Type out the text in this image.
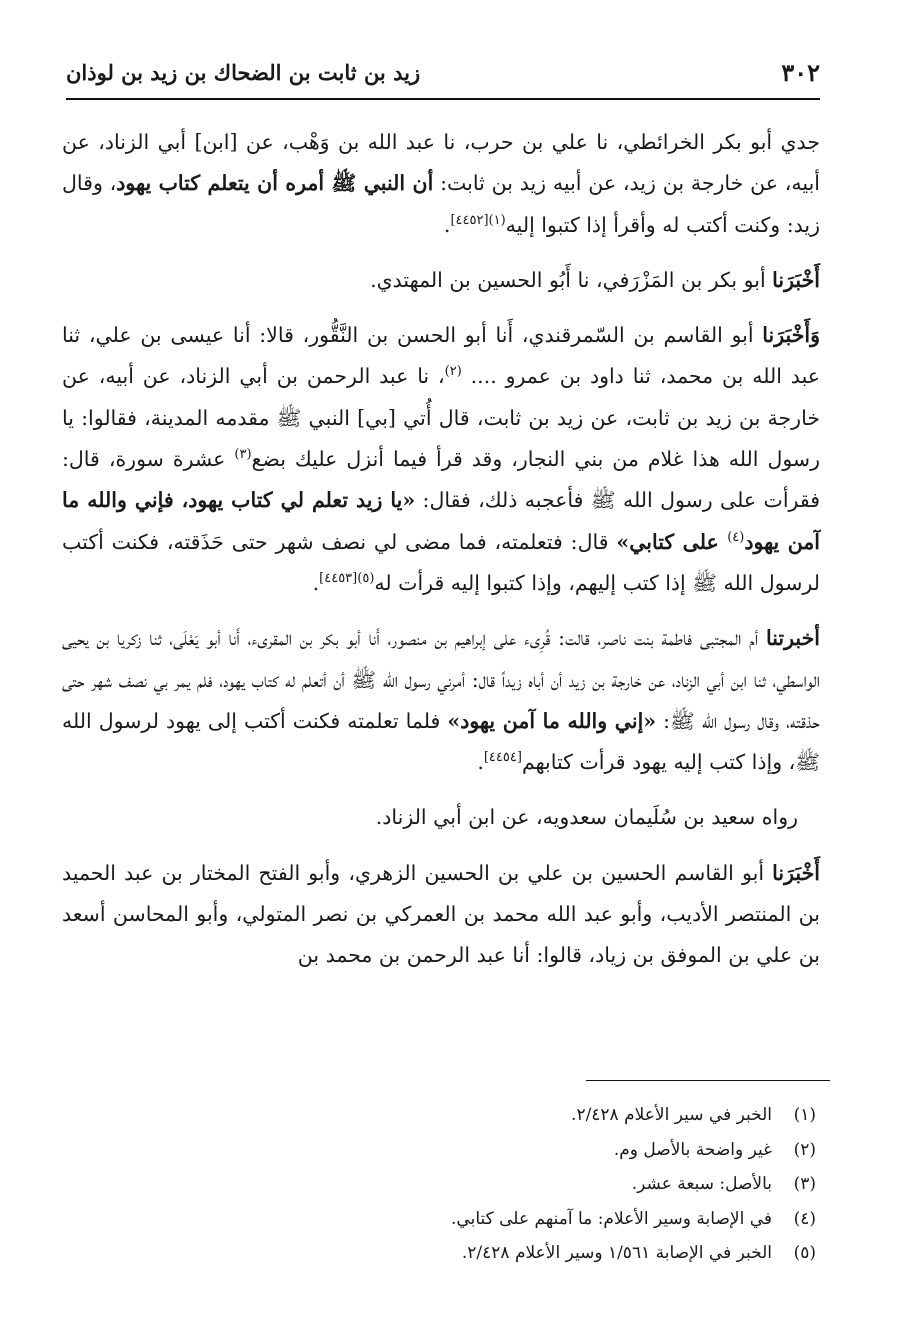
٣٠٢
زيد بن ثابت بن الضحاك بن زيد بن لوذان

جدي أبو بكر الخرائطي، نا علي بن حرب، نا عبد الله بن وَهْب، عن [ابن] أبي الزناد، عن أبيه، عن خارجة بن زيد، عن أبيه زيد بن ثابت: أن النبي ﷺ أمره أن يتعلم كتاب يهود، وقال زيد: وكنت أكتب له وأقرأ إذا كتبوا إليه$^{(١)[٤٤٥٢]}$.

أَخْبَرَنا أبو بكر بن المَزْرَفي، نا أَبُو الحسين بن المهتدي.

وَأَخْبَرَنا أبو القاسم بن السّمرقندي، أَنا أبو الحسن بن النَّقُّور، قالا: أنا عيسى بن علي، ثنا عبد الله بن محمد، ثنا داود بن عمرو .... $^{(٢)}$، نا عبد الرحمن بن أبي الزناد، عن أبيه، عن خارجة بن زيد بن ثابت، عن زيد بن ثابت، قال أُتي [بي] النبي ﷺ مقدمه المدينة، فقالوا: يا رسول الله هذا غلام من بني النجار، وقد قرأ فيما أنزل عليك بضع$^{(٣)}$ عشرة سورة، قال: فقرأت على رسول الله ﷺ فأعجبه ذلك، فقال: «يا زيد تعلم لي كتاب يهود، فإني والله ما آمن يهود$^{(٤)}$ على كتابي» قال: فتعلمته، فما مضى لي نصف شهر حتى حَذَقته، فكنت أكتب لرسول الله ﷺ إذا كتب إليهم، وإذا كتبوا إليه قرأت له$^{(٥)[٤٤٥٣]}$.

أخبرتنا أم المجتبى فاطمة بنت ناصر، قالت: قُرِىء على إبراهيم بن منصور، أَنا أبو بكر بن المقرىء، أَنا أبو يَعْلَى، ثنا زكريا بن يحيى الواسطي، ثنا ابن أبي الزناد، عن خارجة بن زيد أن أباه زيداً قال: أمرني رسول الله ﷺ أن أتعلم له كتاب يهود، فلم يمر بي نصف شهر حتى حذقته، وقال رسول الله ﷺ: «إني والله ما آمن يهود» فلما تعلمته فكنت أكتب إلى يهود لرسول الله ﷺ، وإذا كتب إليه يهود قرأت كتابهم[٤٤٥٤].

رواه سعيد بن سُلَيمان سعدويه، عن ابن أبي الزناد.

أَخْبَرَنا أبو القاسم الحسين بن علي بن الحسين الزهري، وأبو الفتح المختار بن عبد الحميد بن المنتصر الأديب، وأبو عبد الله محمد بن العمركي بن نصر المتولي، وأبو المحاسن أسعد بن علي بن الموفق بن زياد، قالوا: أنا عبد الرحمن بن محمد بن

(١)
الخبر في سير الأعلام ٢/٤٢٨.
(٢)
غير واضحة بالأصل وم.
(٣)
بالأصل: سبعة عشر.
(٤)
في الإصابة وسير الأعلام: ما آمنهم على كتابي.
(٥)
الخبر في الإصابة ١/٥٦١ وسير الأعلام ٢/٤٢٨.
